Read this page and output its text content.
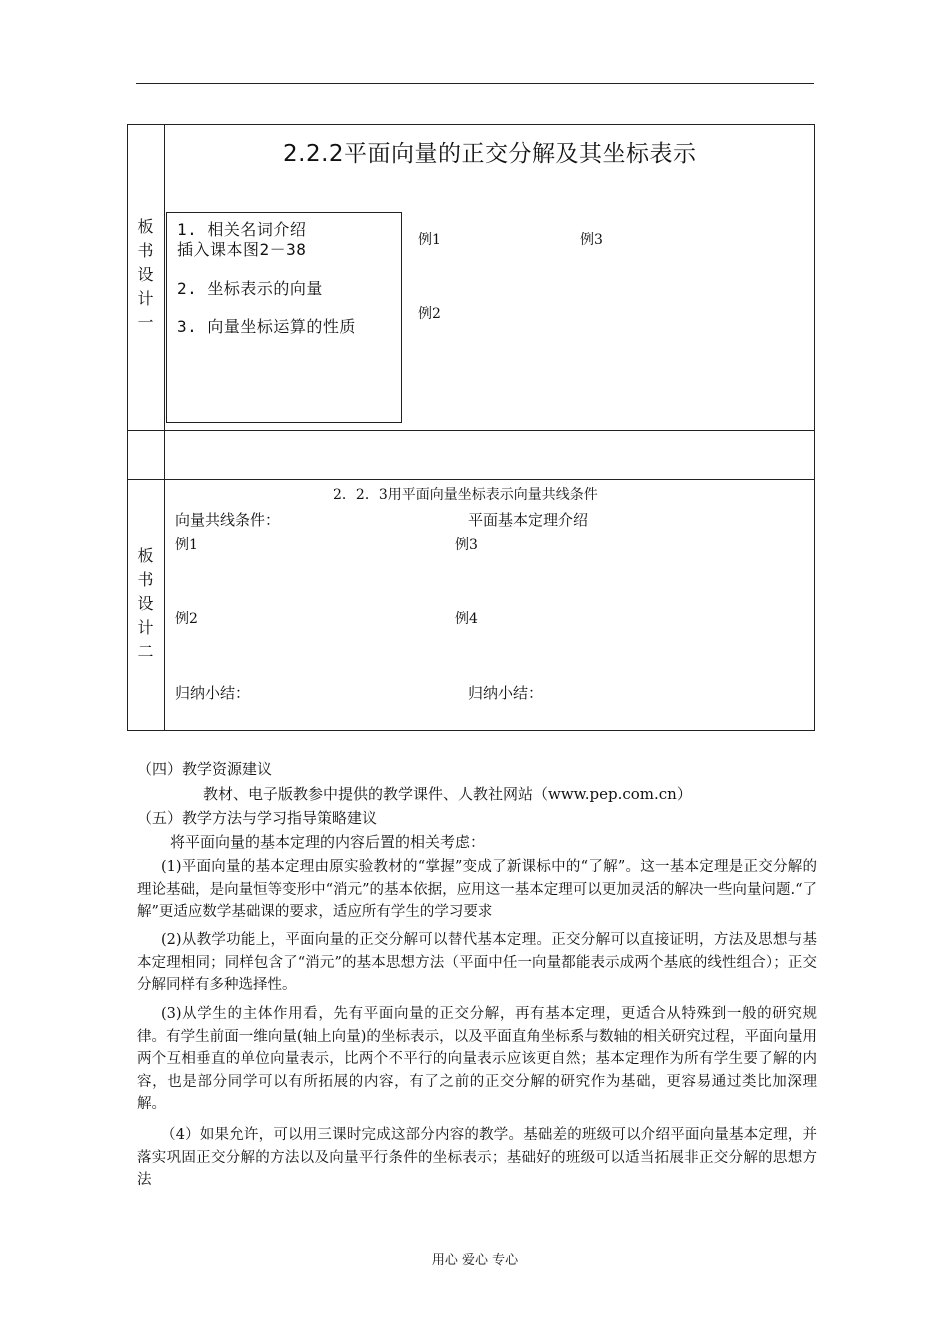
板
书
设
计
一
2.2.2平面向量的正交分解及其坐标表示
1. 相关名词介绍
插入课本图2－38
2. 坐标表示的向量
3. 向量坐标运算的性质
例1	例3
例2
板
书
设
计
二
2．2．3用平面向量坐标表示向量共线条件
向量共线条件：	平面基本定理介绍
例1	例3
例2	例4
归纳小结：	归纳小结：
（四）教学资源建议
教材、电子版教参中提供的教学课件、人教社网站（www.pep.com.cn）
（五）教学方法与学习指导策略建议
将平面向量的基本定理的内容后置的相关考虑：
(1)平面向量的基本定理由原实验教材的“掌握”变成了新课标中的“了解”。这一基本定理是正交分解的理论基础，是向量恒等变形中“消元”的基本依据，应用这一基本定理可以更加灵活的解决一些向量问题.“了解”更适应数学基础课的要求，适应所有学生的学习要求
(2)从教学功能上，平面向量的正交分解可以替代基本定理。正交分解可以直接证明，方法及思想与基本定理相同；同样包含了“消元”的基本思想方法（平面中任一向量都能表示成两个基底的线性组合）；正交分解同样有多种选择性。
(3)从学生的主体作用看，先有平面向量的正交分解，再有基本定理，更适合从特殊到一般的研究规律。有学生前面一维向量(轴上向量)的坐标表示，以及平面直角坐标系与数轴的相关研究过程，平面向量用两个互相垂直的单位向量表示，比两个不平行的向量表示应该更自然；基本定理作为所有学生要了解的内容，也是部分同学可以有所拓展的内容，有了之前的正交分解的研究作为基础，更容易通过类比加深理解。
（4）如果允许，可以用三课时完成这部分内容的教学。基础差的班级可以介绍平面向量基本定理，并落实巩固正交分解的方法以及向量平行条件的坐标表示；基础好的班级可以适当拓展非正交分解的思想方法
用心 爱心 专心
